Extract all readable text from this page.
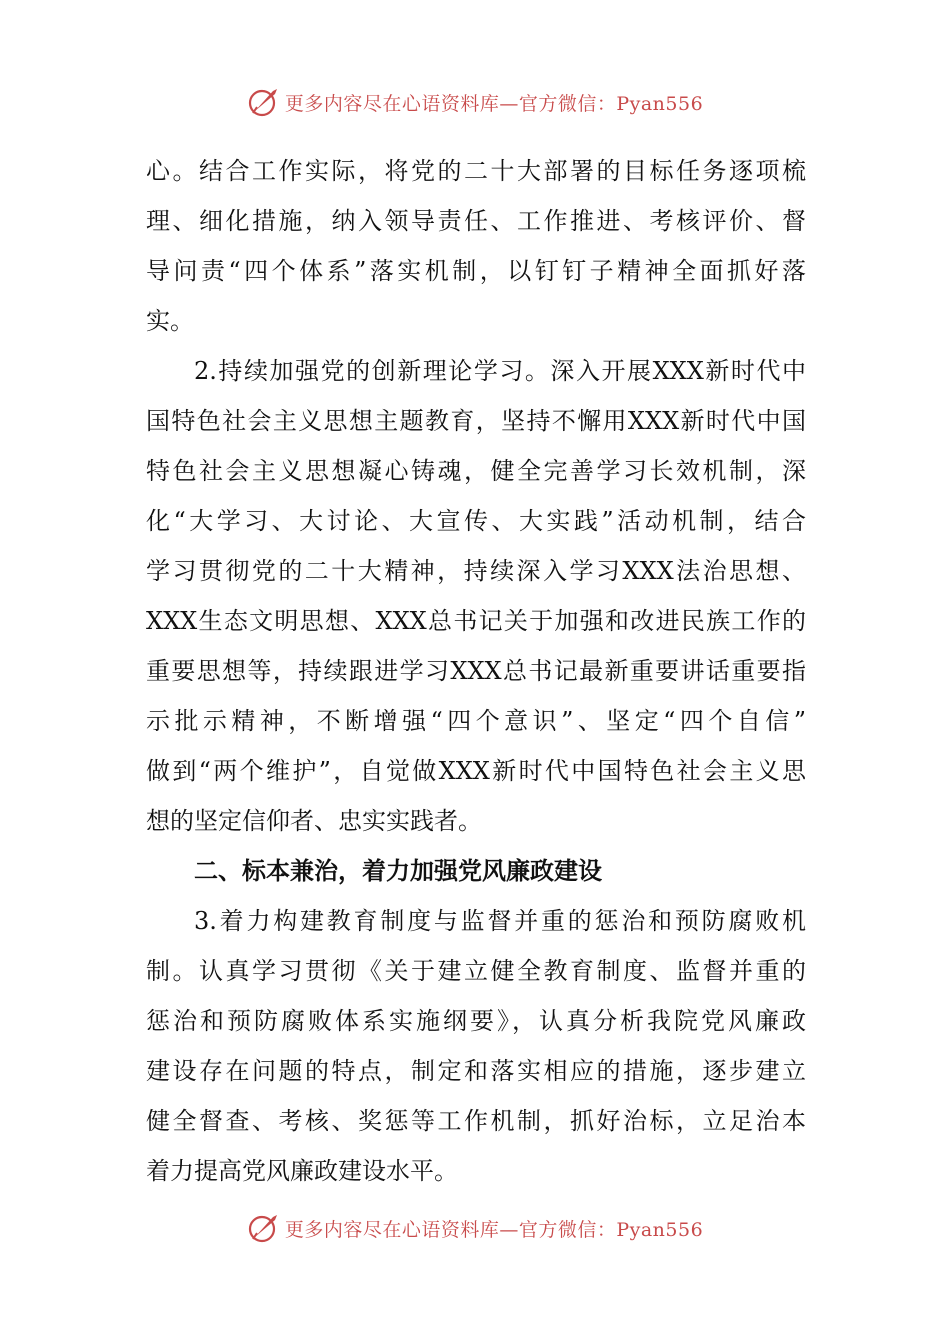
更多内容尽在心语资料库—官方微信：Pyan556
心。结合工作实际，将党的二十大部署的目标任务逐项梳
理、细化措施，纳入领导责任、工作推进、考核评价、督
导问责“四个体系”落实机制，以钉钉子精神全面抓好落
实。
2.持续加强党的创新理论学习。深入开展XXX新时代中
国特色社会主义思想主题教育，坚持不懈用XXX新时代中国
特色社会主义思想凝心铸魂，健全完善学习长效机制，深
化“大学习、大讨论、大宣传、大实践”活动机制，结合
学习贯彻党的二十大精神，持续深入学习XXX法治思想、
XXX生态文明思想、XXX总书记关于加强和改进民族工作的
重要思想等，持续跟进学习XXX总书记最新重要讲话重要指
示批示精神，不断增强“四个意识”、坚定“四个自信”
做到“两个维护”，自觉做XXX新时代中国特色社会主义思
想的坚定信仰者、忠实实践者。
二、标本兼治，着力加强党风廉政建设
3.着力构建教育制度与监督并重的惩治和预防腐败机
制。认真学习贯彻《关于建立健全教育制度、监督并重的
惩治和预防腐败体系实施纲要》，认真分析我院党风廉政
建设存在问题的特点，制定和落实相应的措施，逐步建立
健全督查、考核、奖惩等工作机制，抓好治标，立足治本
着力提高党风廉政建设水平。
更多内容尽在心语资料库—官方微信：Pyan556
